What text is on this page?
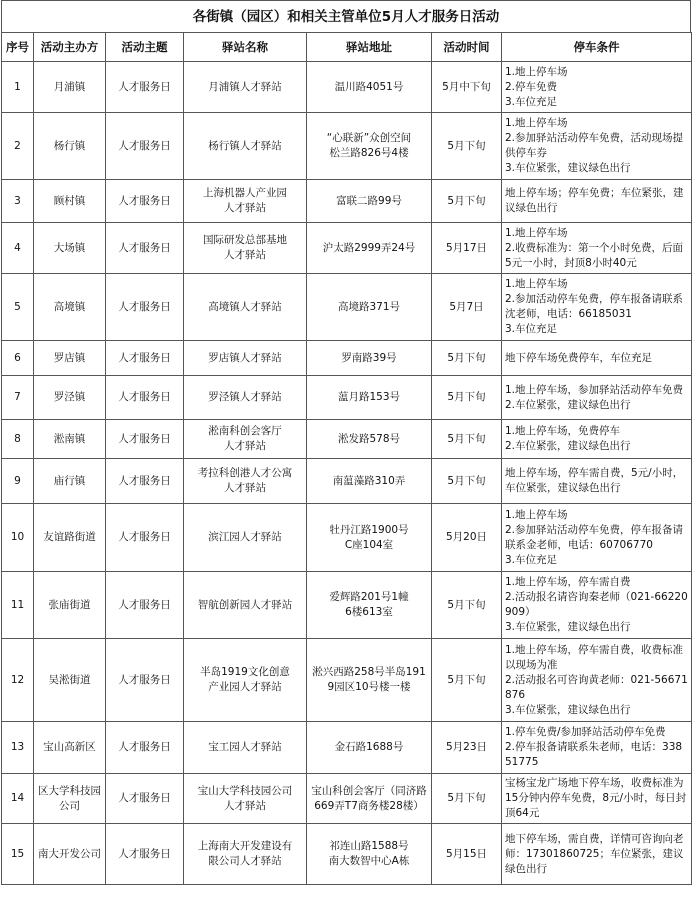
各街镇（园区）和相关主管单位5月人才服务日活动
序号	活动主办方	活动主题	驿站名称	驿站地址	活动时间	停车条件
1	月浦镇	人才服务日	月浦镇人才驿站	温川路4051号	5月中下旬	1.地上停车场
2.停车免费
3.车位充足
2	杨行镇	人才服务日	杨行镇人才驿站	“心联新”众创空间
松兰路826号4楼	5月下旬	1.地上停车场
2.参加驿站活动停车免费，活动现场提供停车券
3.车位紧张，建议绿色出行
3	顾村镇	人才服务日	上海机器人产业园
人才驿站	富联二路99号	5月下旬	地上停车场；停车免费；车位紧张，建议绿色出行
4	大场镇	人才服务日	国际研发总部基地
人才驿站	沪太路2999弄24号	5月17日	1.地上停车场
2.收费标准为：第一个小时免费，后面5元一小时，封顶8小时40元
5	高境镇	人才服务日	高境镇人才驿站	高境路371号	5月7日	1.地上停车场
2.参加活动停车免费，停车报备请联系沈老师，电话：66185031
3.车位充足
6	罗店镇	人才服务日	罗店镇人才驿站	罗南路39号	5月下旬	地下停车场免费停车，车位充足
7	罗泾镇	人才服务日	罗泾镇人才驿站	蕰月路153号	5月下旬	1.地上停车场，参加驿站活动停车免费
2.车位紧张，建议绿色出行
8	淞南镇	人才服务日	淞南科创会客厅
人才驿站	淞发路578号	5月下旬	1.地上停车场，免费停车
2.车位紧张，建议绿色出行
9	庙行镇	人才服务日	考拉科创港人才公寓
人才驿站	南蕰藻路310弄	5月下旬	地上停车场，停车需自费，5元/小时，车位紧张，建议绿色出行
10	友谊路街道	人才服务日	滨江园人才驿站	牡丹江路1900号
C座104室	5月20日	1.地上停车场
2.参加驿站活动停车免费，停车报备请联系金老师，电话：60706770
3.车位充足
11	张庙街道	人才服务日	智航创新园人才驿站	爱辉路201号1幢
6楼613室	5月下旬	1.地上停车场，停车需自费
2.活动报名请咨询秦老师（021-66220909）
3.车位紧张，建议绿色出行
12	吴淞街道	人才服务日	半岛1919文化创意
产业园人才驿站	淞兴西路258号半岛1919园区10号楼一楼	5月下旬	1.地上停车场，停车需自费，收费标准以现场为准
2.活动报名可咨询黄老师：021-56671876
3.车位紧张，建议绿色出行
13	宝山高新区	人才服务日	宝工园人才驿站	金石路1688号	5月23日	1.停车免费/参加驿站活动停车免费
2.停车报备请联系朱老师，电话：33851775
14	区大学科技园
公司	人才服务日	宝山大学科技园公司
人才驿站	宝山科创会客厅（同济路669弄T7商务楼28楼）	5月下旬	宝杨宝龙广场地下停车场，收费标准为15分钟内停车免费，8元/小时，每日封顶64元
15	南大开发公司	人才服务日	上海南大开发建设有
限公司人才驿站	祁连山路1588号
南大数智中心A栋	5月15日	地下停车场，需自费，详情可咨询向老师：17301860725；车位紧张，建议绿色出行
